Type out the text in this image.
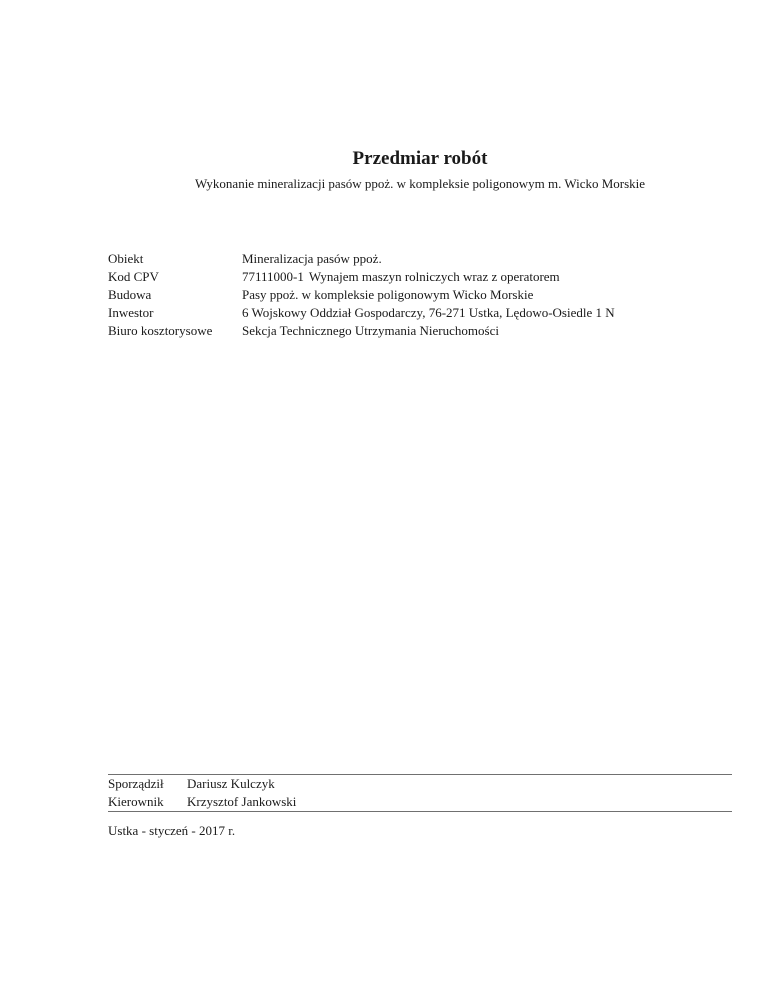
Przedmiar robót
Wykonanie mineralizacji pasów ppoż. w kompleksie poligonowym m. Wicko Morskie
Obiekt	Mineralizacja pasów ppoż.
Kod CPV	77111000-1 Wynajem maszyn rolniczych wraz z operatorem
Budowa	Pasy ppoż. w kompleksie poligonowym Wicko Morskie
Inwestor	6 Wojskowy Oddział Gospodarczy, 76-271 Ustka, Lędowo-Osiedle 1 N
Biuro kosztorysowe	Sekcja Technicznego Utrzymania Nieruchomości
Sporządził	Dariusz Kulczyk
Kierownik	Krzysztof Jankowski
Ustka - styczeń - 2017 r.
